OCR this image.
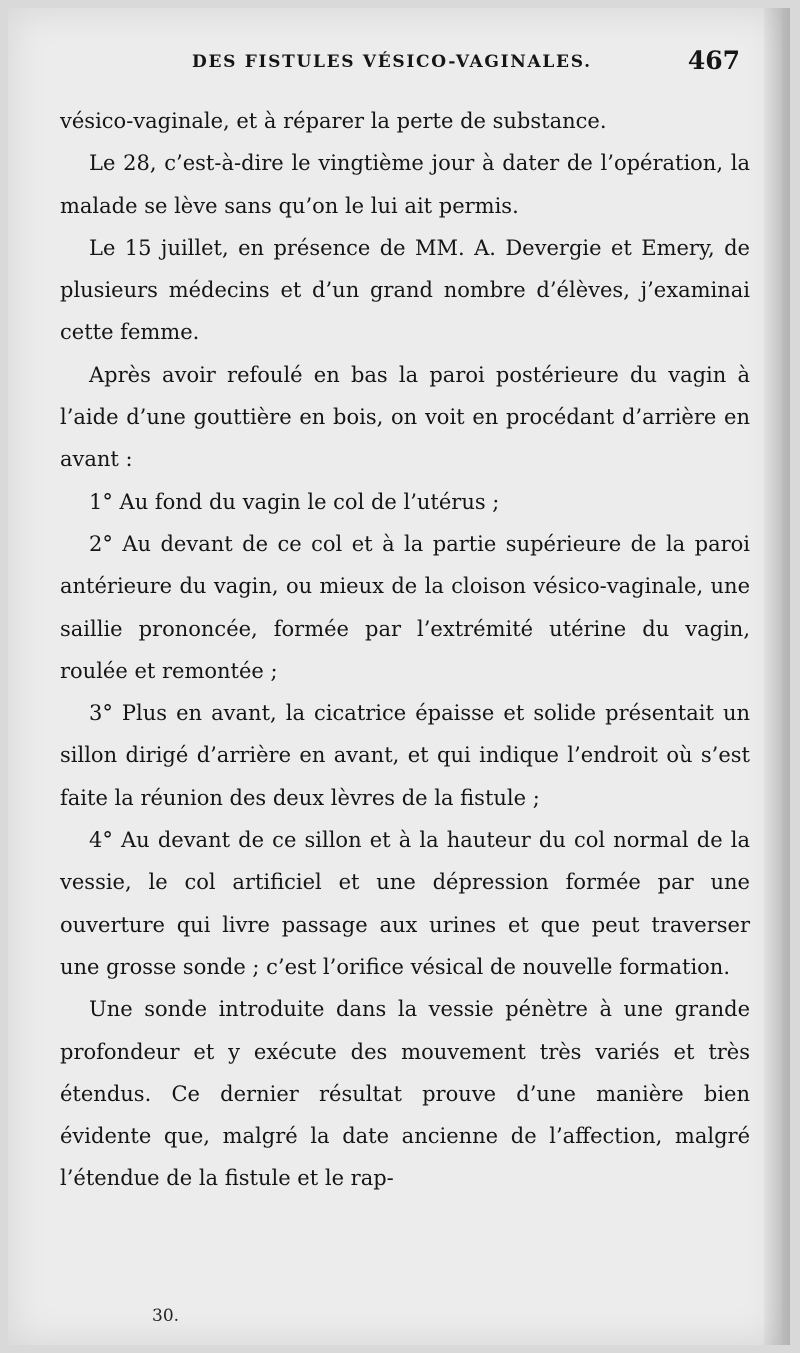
DES FISTULES VÉSICO-VAGINALES.	467

vésico-vaginale, et à réparer la perte de substance.

Le 28, c’est-à-dire le vingtième jour à dater de l’opération, la malade se lève sans qu’on le lui ait permis.

Le 15 juillet, en présence de MM. A. Devergie et Emery, de plusieurs médecins et d’un grand nombre d’élèves, j’examinai cette femme.

Après avoir refoulé en bas la paroi postérieure du vagin à l’aide d’une gouttière en bois, on voit en procédant d’arrière en avant :

1° Au fond du vagin le col de l’utérus ;

2° Au devant de ce col et à la partie supérieure de la paroi antérieure du vagin, ou mieux de la cloison vésico-vaginale, une saillie prononcée, formée par l’extrémité utérine du vagin, roulée et remontée ;

3° Plus en avant, la cicatrice épaisse et solide présentait un sillon dirigé d’arrière en avant, et qui indique l’endroit où s’est faite la réunion des deux lèvres de la fistule ;

4° Au devant de ce sillon et à la hauteur du col normal de la vessie, le col artificiel et une dépression formée par une ouverture qui livre passage aux urines et que peut traverser une grosse sonde ; c’est l’orifice vésical de nouvelle formation.

Une sonde introduite dans la vessie pénètre à une grande profondeur et y exécute des mouvement très variés et très étendus. Ce dernier résultat prouve d’une manière bien évidente que, malgré la date ancienne de l’affection, malgré l’étendue de la fistule et le rap-

30.
